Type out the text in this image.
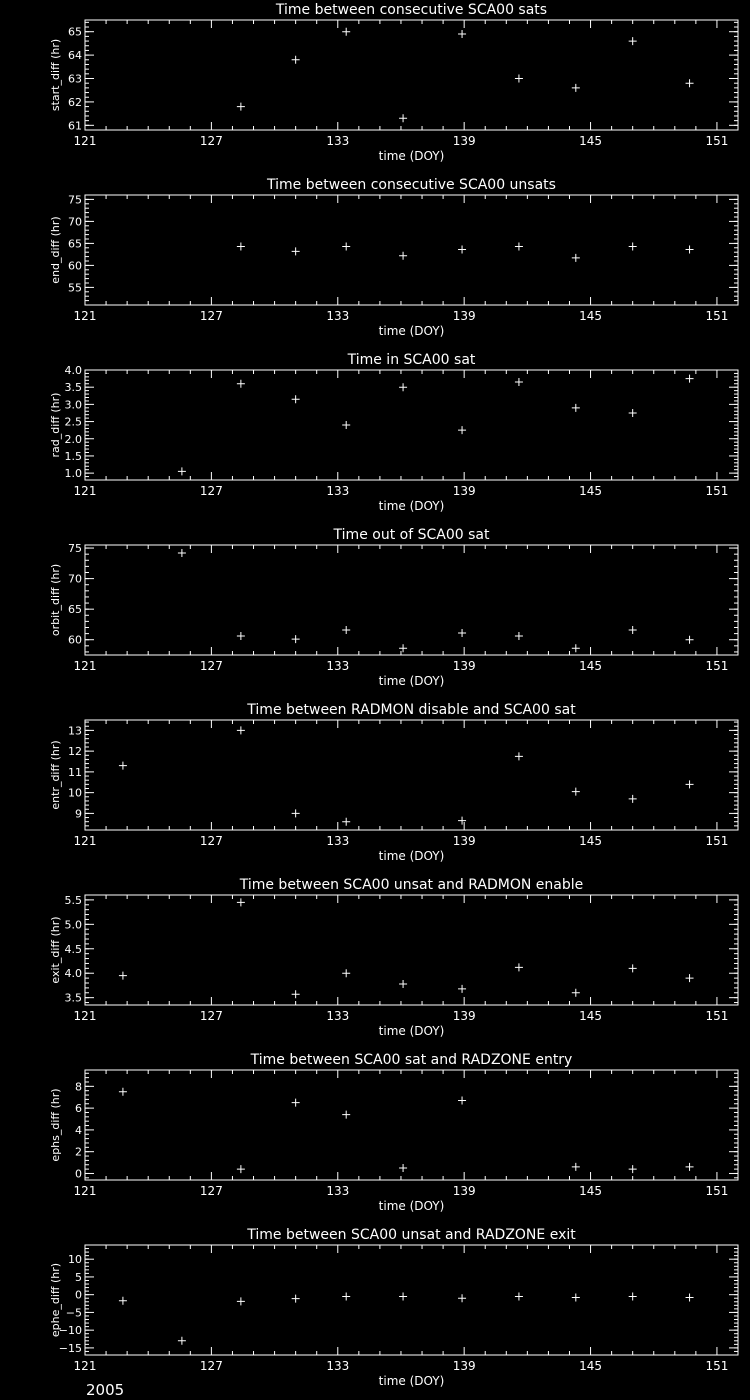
Time between consecutive SCA00 sats
121	127	133	139	145	151
time (DOY)
61
62
63
64
65
start_diff (hr)
Time between consecutive SCA00 unsats
121	127	133	139	145	151
time (DOY)
55
60
65
70
75
end_diff (hr)
Time in SCA00 sat
121	127	133	139	145	151
time (DOY)
1.0
1.5
2.0
2.5
3.0
3.5
4.0
rad_diff (hr)
Time out of SCA00 sat
121	127	133	139	145	151
time (DOY)
60
65
70
75
orbit_diff (hr)
Time between RADMON disable and SCA00 sat
121	127	133	139	145	151
time (DOY)
9
10
11
12
13
entr_diff (hr)
Time between SCA00 unsat and RADMON enable
121	127	133	139	145	151
time (DOY)
3.5
4.0
4.5
5.0
5.5
exit_diff (hr)
Time between SCA00 sat and RADZONE entry
121	127	133	139	145	151
time (DOY)
0
2
4
6
8
ephs_diff (hr)
Time between SCA00 unsat and RADZONE exit
121	127	133	139	145	151
time (DOY)
−15
−10
−5
0
5
10
ephe_diff (hr)
2005
